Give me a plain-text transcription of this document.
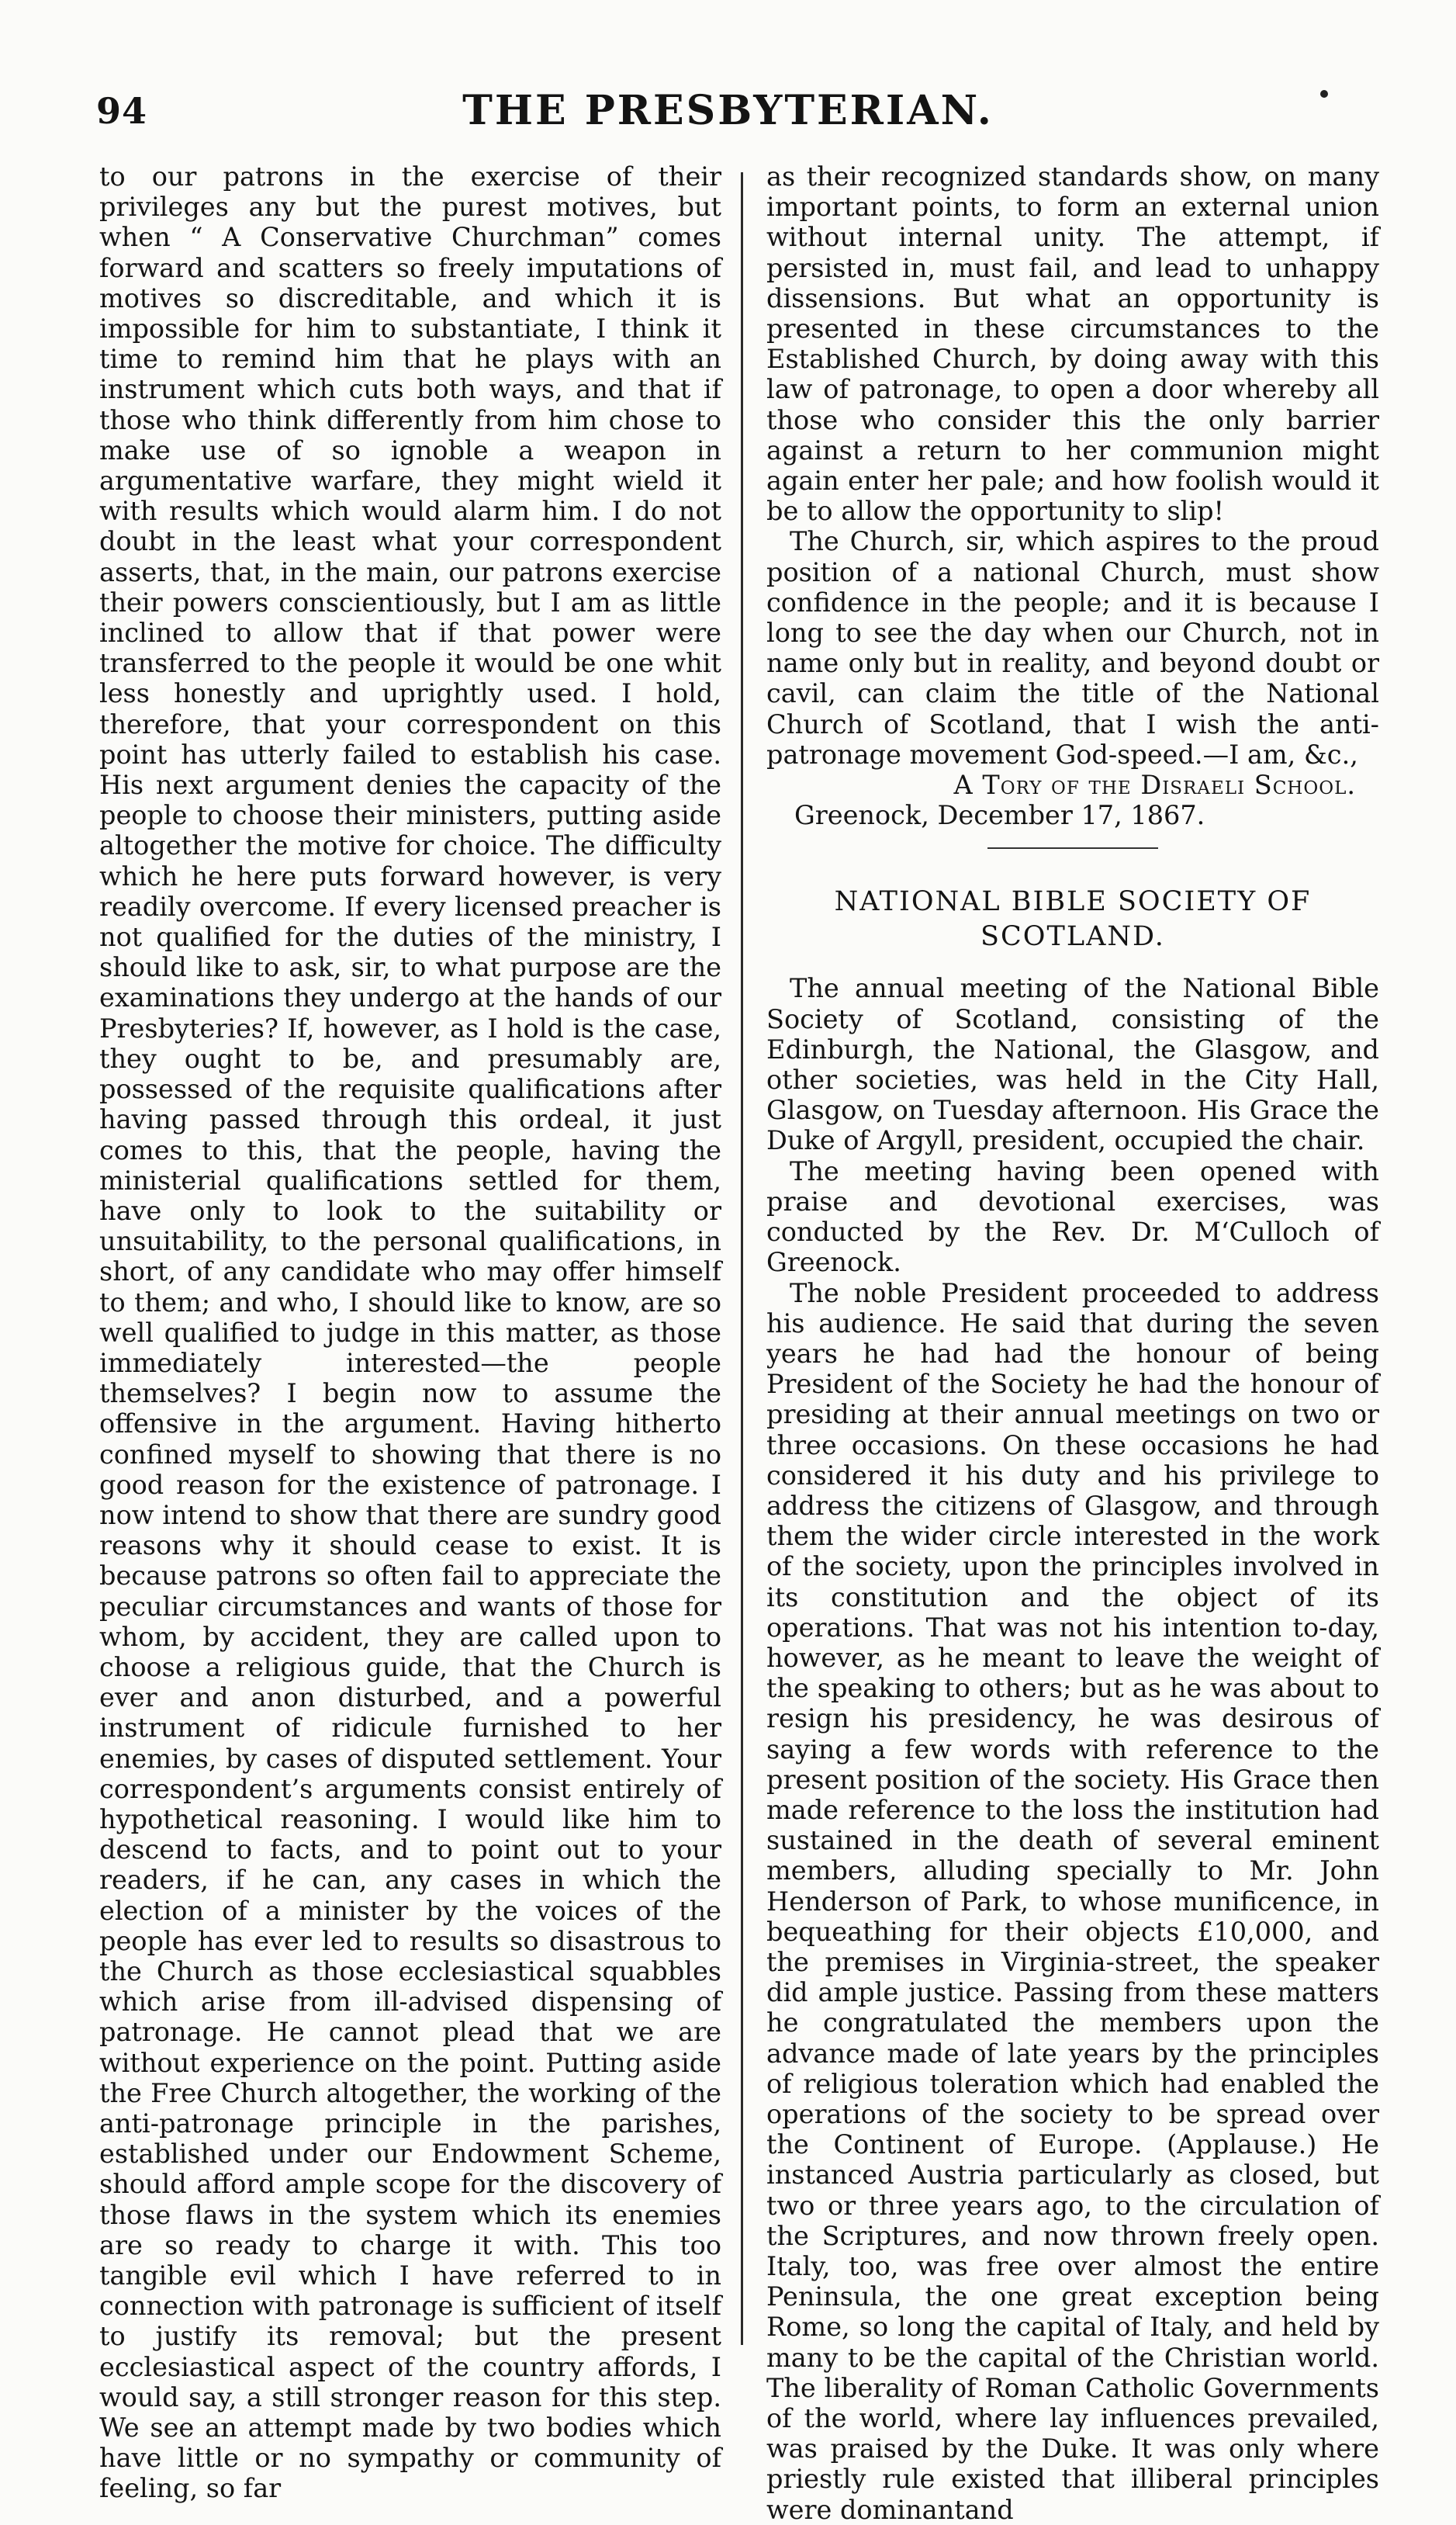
94	THE PRESBYTERIAN.

to our patrons in the exercise of their privileges any but the purest motives, but when “ A Conservative Churchman” comes forward and scatters so freely imputations of motives so discreditable, and which it is impossible for him to substantiate, I think it time to remind him that he plays with an instrument which cuts both ways, and that if those who think differently from him chose to make use of so ignoble a weapon in argumentative warfare, they might wield it with results which would alarm him. I do not doubt in the least what your correspondent asserts, that, in the main, our patrons exercise their powers conscientiously, but I am as little inclined to allow that if that power were transferred to the people it would be one whit less honestly and uprightly used. I hold, therefore, that your correspondent on this point has utterly failed to establish his case. His next argument denies the capacity of the people to choose their ministers, putting aside altogether the motive for choice. The difficulty which he here puts forward however, is very readily overcome. If every licensed preacher is not qualified for the duties of the ministry, I should like to ask, sir, to what purpose are the examinations they undergo at the hands of our Presbyteries? If, however, as I hold is the case, they ought to be, and presumably are, possessed of the requisite qualifications after having passed through this ordeal, it just comes to this, that the people, having the ministerial qualifications settled for them, have only to look to the suitability or unsuitability, to the personal qualifications, in short, of any candidate who may offer himself to them; and who, I should like to know, are so well qualified to judge in this matter, as those immediately interested—the people themselves? I begin now to assume the offensive in the argument. Having hitherto confined myself to showing that there is no good reason for the existence of patronage. I now intend to show that there are sundry good reasons why it should cease to exist. It is because patrons so often fail to appreciate the peculiar circumstances and wants of those for whom, by accident, they are called upon to choose a religious guide, that the Church is ever and anon disturbed, and a powerful instrument of ridicule furnished to her enemies, by cases of disputed settlement. Your correspondent’s arguments consist entirely of hypothetical reasoning. I would like him to descend to facts, and to point out to your readers, if he can, any cases in which the election of a minister by the voices of the people has ever led to results so disastrous to the Church as those ecclesiastical squabbles which arise from ill-advised dispensing of patronage. He cannot plead that we are without experience on the point. Putting aside the Free Church altogether, the working of the anti-patronage principle in the parishes, established under our Endowment Scheme, should afford ample scope for the discovery of those flaws in the system which its enemies are so ready to charge it with. This too tangible evil which I have referred to in connection with patronage is sufficient of itself to justify its removal; but the present ecclesiastical aspect of the country affords, I would say, a still stronger reason for this step. We see an attempt made by two bodies which have little or no sympathy or community of feeling, so far

as their recognized standards show, on many important points, to form an external union without internal unity. The attempt, if persisted in, must fail, and lead to unhappy dissensions. But what an opportunity is presented in these circumstances to the Established Church, by doing away with this law of patronage, to open a door whereby all those who consider this the only barrier against a return to her communion might again enter her pale; and how foolish would it be to allow the opportunity to slip!

The Church, sir, which aspires to the proud position of a national Church, must show confidence in the people; and it is because I long to see the day when our Church, not in name only but in reality, and beyond doubt or cavil, can claim the title of the National Church of Scotland, that I wish the anti-patronage movement God-speed.—I am, &c.,

A Tory of the Disraeli School.

Greenock, December 17, 1867.

NATIONAL BIBLE SOCIETY OF SCOTLAND.

The annual meeting of the National Bible Society of Scotland, consisting of the Edinburgh, the National, the Glasgow, and other societies, was held in the City Hall, Glasgow, on Tuesday afternoon. His Grace the Duke of Argyll, president, occupied the chair.

The meeting having been opened with praise and devotional exercises, was conducted by the Rev. Dr. M‘Culloch of Greenock.

The noble President proceeded to address his audience. He said that during the seven years he had had the honour of being President of the Society he had the honour of presiding at their annual meetings on two or three occasions. On these occasions he had considered it his duty and his privilege to address the citizens of Glasgow, and through them the wider circle interested in the work of the society, upon the principles involved in its constitution and the object of its operations. That was not his intention to-day, however, as he meant to leave the weight of the speaking to others; but as he was about to resign his presidency, he was desirous of saying a few words with reference to the present position of the society. His Grace then made reference to the loss the institution had sustained in the death of several eminent members, alluding specially to Mr. John Henderson of Park, to whose munificence, in bequeathing for their objects £10,000, and the premises in Virginia-street, the speaker did ample justice. Passing from these matters he congratulated the members upon the advance made of late years by the principles of religious toleration which had enabled the operations of the society to be spread over the Continent of Europe. (Applause.) He instanced Austria particularly as closed, but two or three years ago, to the circulation of the Scriptures, and now thrown freely open. Italy, too, was free over almost the entire Peninsula, the one great exception being Rome, so long the capital of Italy, and held by many to be the capital of the Christian world. The liberality of Roman Catholic Governments of the world, where lay influences prevailed, was praised by the Duke. It was only where priestly rule existed that illiberal principles were dominantand
